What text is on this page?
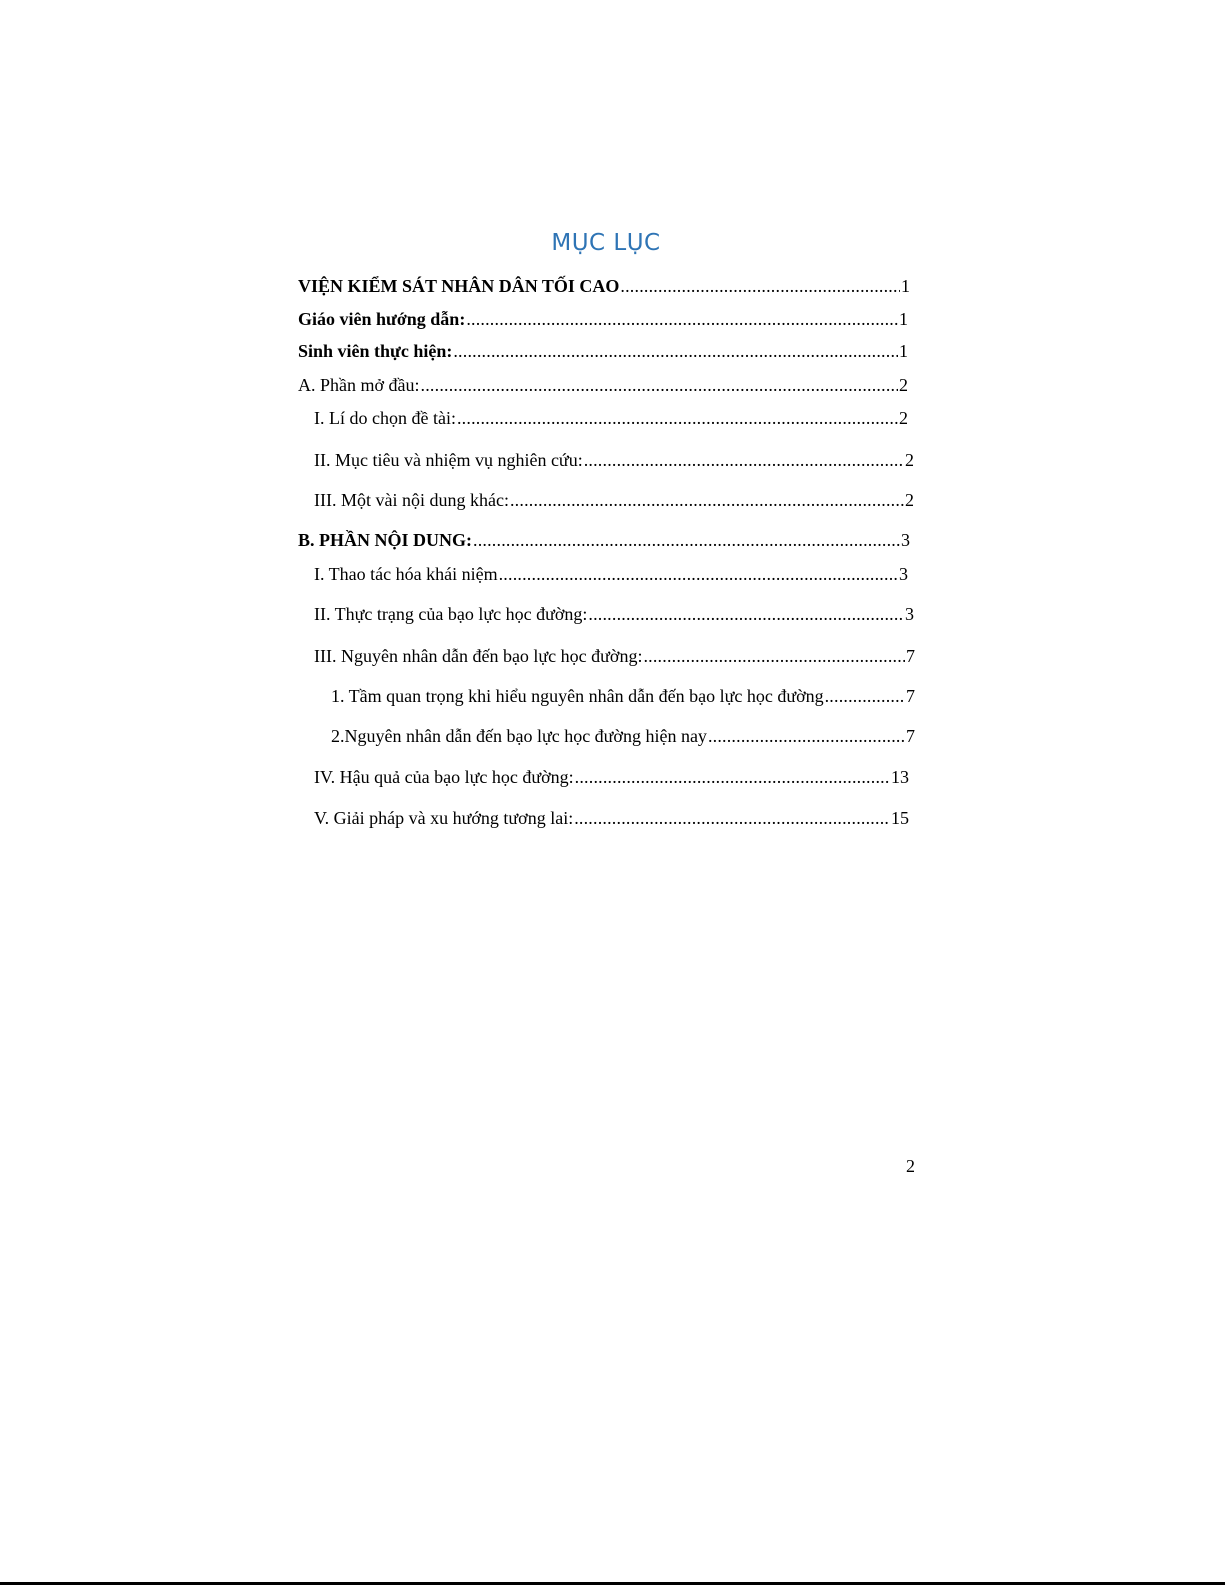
MỤC LỤC
VIỆN KIỂM SÁT NHÂN DÂN TỐI CAO .....	1
Giáo viên hướng dẫn: .....	1
Sinh viên thực hiện: .....	1
A. Phần mở đầu: .....	2
I. Lí do chọn đề tài: .....	2
II. Mục tiêu và nhiệm vụ nghiên cứu: .....	2
III. Một vài nội dung khác: .....	2
B. PHẦN NỘI DUNG: .....	3
I. Thao tác hóa khái niệm .....	3
II. Thực trạng của bạo lực học đường: .....	3
III. Nguyên nhân dẫn đến bạo lực học đường: .....	7
1. Tầm quan trọng khi hiểu nguyên nhân dẫn đến bạo lực học đường .....	7
2.Nguyên nhân dẫn đến bạo lực học đường hiện nay .....	7
IV. Hậu quả của bạo lực học đường: .....	13
V. Giải pháp và xu hướng tương lai: .....	15
2
